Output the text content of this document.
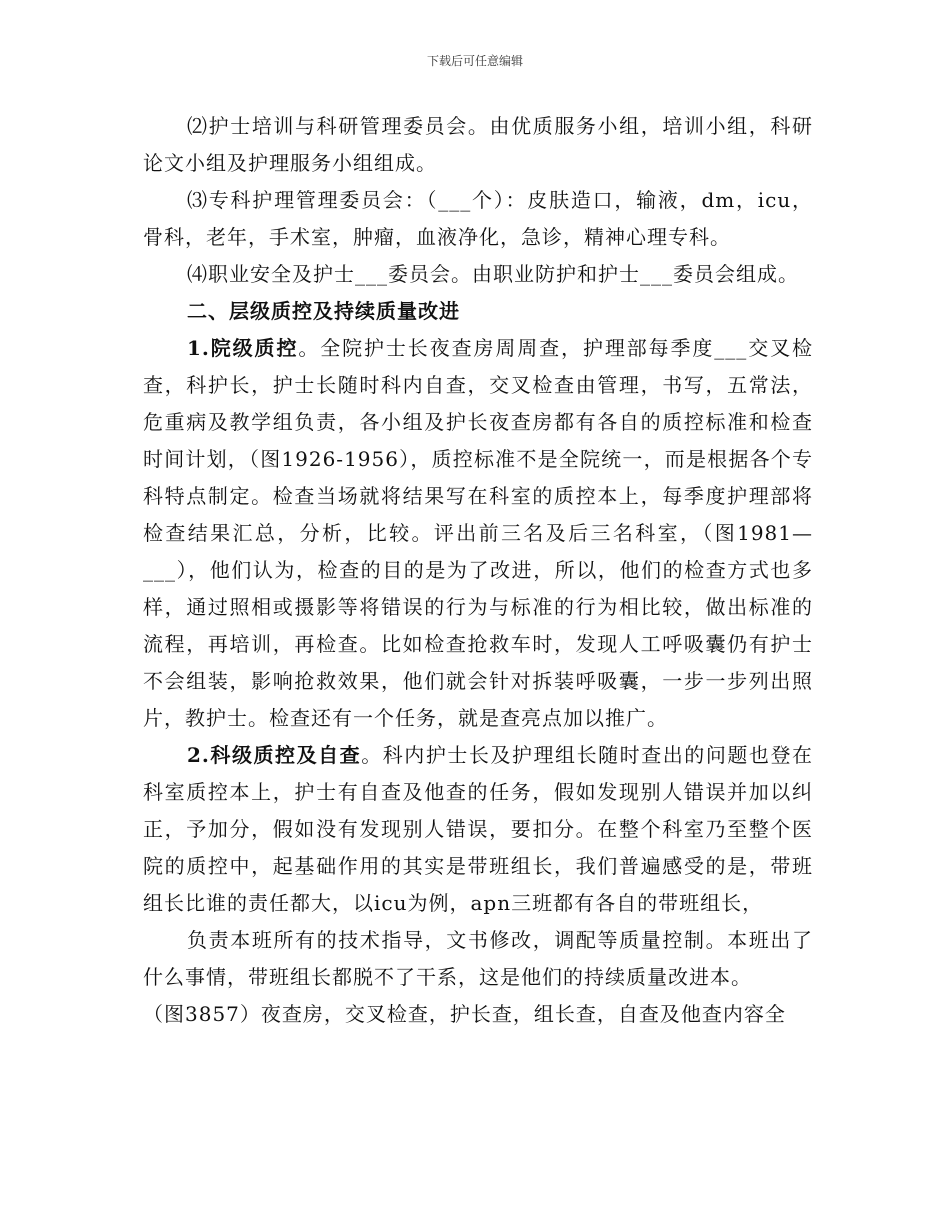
下载后可任意编辑

⑵护士培训与科研管理委员会。由优质服务小组，培训小组，科研论文小组及护理服务小组组成。

⑶专科护理管理委员会：（___个）：皮肤造口，输液，dm，icu，骨科，老年，手术室，肿瘤，血液净化，急诊，精神心理专科。

⑷职业安全及护士___委员会。由职业防护和护士___委员会组成。

二、层级质控及持续质量改进

1.院级质控。全院护士长夜查房周周查，护理部每季度___交叉检查，科护长，护士长随时科内自查，交叉检查由管理，书写，五常法，危重病及教学组负责，各小组及护长夜查房都有各自的质控标准和检查时间计划，（图1926-1956），质控标准不是全院统一，而是根据各个专科特点制定。检查当场就将结果写在科室的质控本上，每季度护理部将检查结果汇总，分析，比较。评出前三名及后三名科室，（图1981—___），他们认为，检查的目的是为了改进，所以，他们的检查方式也多样，通过照相或摄影等将错误的行为与标准的行为相比较，做出标准的流程，再培训，再检查。比如检查抢救车时，发现人工呼吸囊仍有护士不会组装，影响抢救效果，他们就会针对拆装呼吸囊，一步一步列出照片，教护士。检查还有一个任务，就是查亮点加以推广。

2.科级质控及自查。科内护士长及护理组长随时查出的问题也登在科室质控本上，护士有自查及他查的任务，假如发现别人错误并加以纠正，予加分，假如没有发现别人错误，要扣分。在整个科室乃至整个医院的质控中，起基础作用的其实是带班组长，我们普遍感受的是，带班组长比谁的责任都大，以icu为例，apn三班都有各自的带班组长，

负责本班所有的技术指导，文书修改，调配等质量控制。本班出了什么事情，带班组长都脱不了干系，这是他们的持续质量改进本。

（图3857）夜查房，交叉检查，护长查，组长查，自查及他查内容全
